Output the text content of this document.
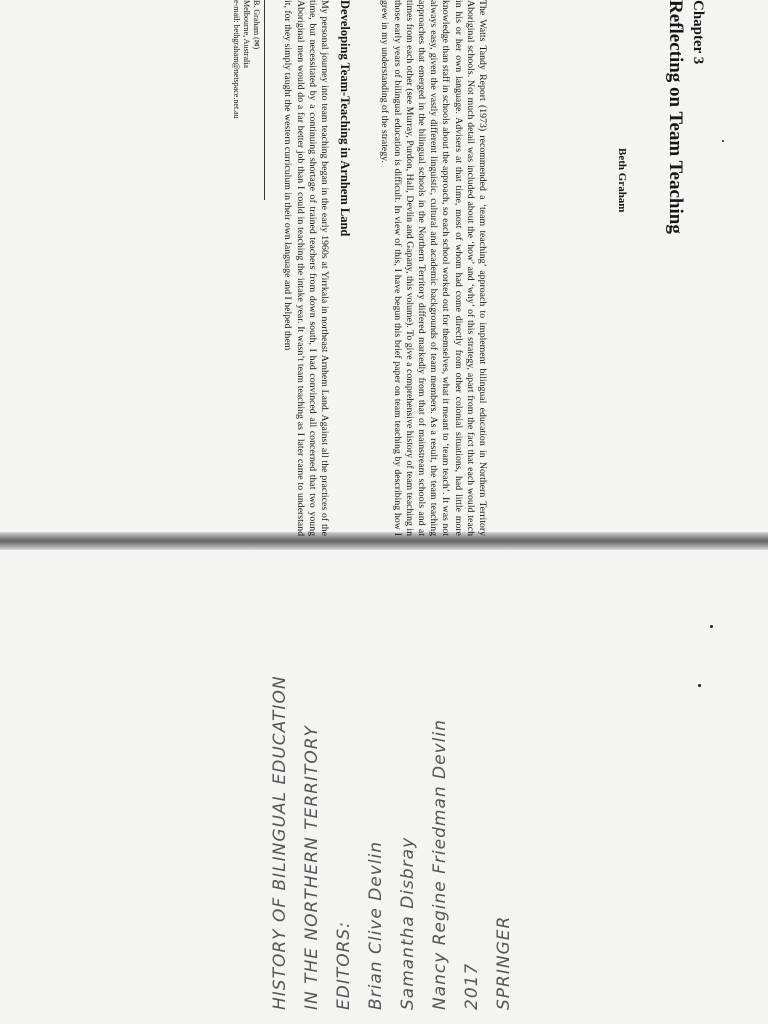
HISTORY OF BILINGUAL EDUCATION IN THE NORTHERN TERRITORY EDITORS: Brian Clive Devlin Samantha Disbray Nancy Regine Friedman Devlin 2017 SPRINGER
Chapter 3
Reflecting on Team Teaching
Beth Graham
The Watts Tandy Report (1973) recommended a ‘team teaching’ approach to implement bilingual education in Northern Territory Aboriginal schools. Not much detail was included about the ‘how’ and ‘why’ of this strategy, apart from the fact that each would teach in his or her own language. Advisers at that time, most of whom had come directly from other colonial situations, had little more knowledge than staff in schools about the approach, so each school worked out for themselves, what it meant to ‘team teach’. It was not always easy, given the vastly different linguistic, cultural and academic backgrounds of team members. As a result, the team teaching approaches that emerged in the bilingual schools in the Northern Territory differed markedly from that of mainstream schools and at times from each other (see Murray, Purdon, Hall, Devlin and Gapany, this volume). To give a comprehensive history of team teaching in those early years of bilingual education is difficult. In view of this, I have begun this brief paper on team teaching by describing how I grew in my understanding of the strategy.
Developing Team-Teaching in Arnhem Land
My personal journey into team teaching began in the early 1960s at Yirrkala in northeast Arnhem Land. Against all the practices of the time, but necessitated by a continuing shortage of trained teachers from down south, I had convinced all concerned that two young Aboriginal men would do a far better job than I could in teaching the intake year. It wasn’t team teaching as I later came to understand it, for they simply taught the western curriculum in their own language and I helped them
B. Graham (✉)
Melbourne, Australia
e-mail: bethgraham@netspace.net.au
